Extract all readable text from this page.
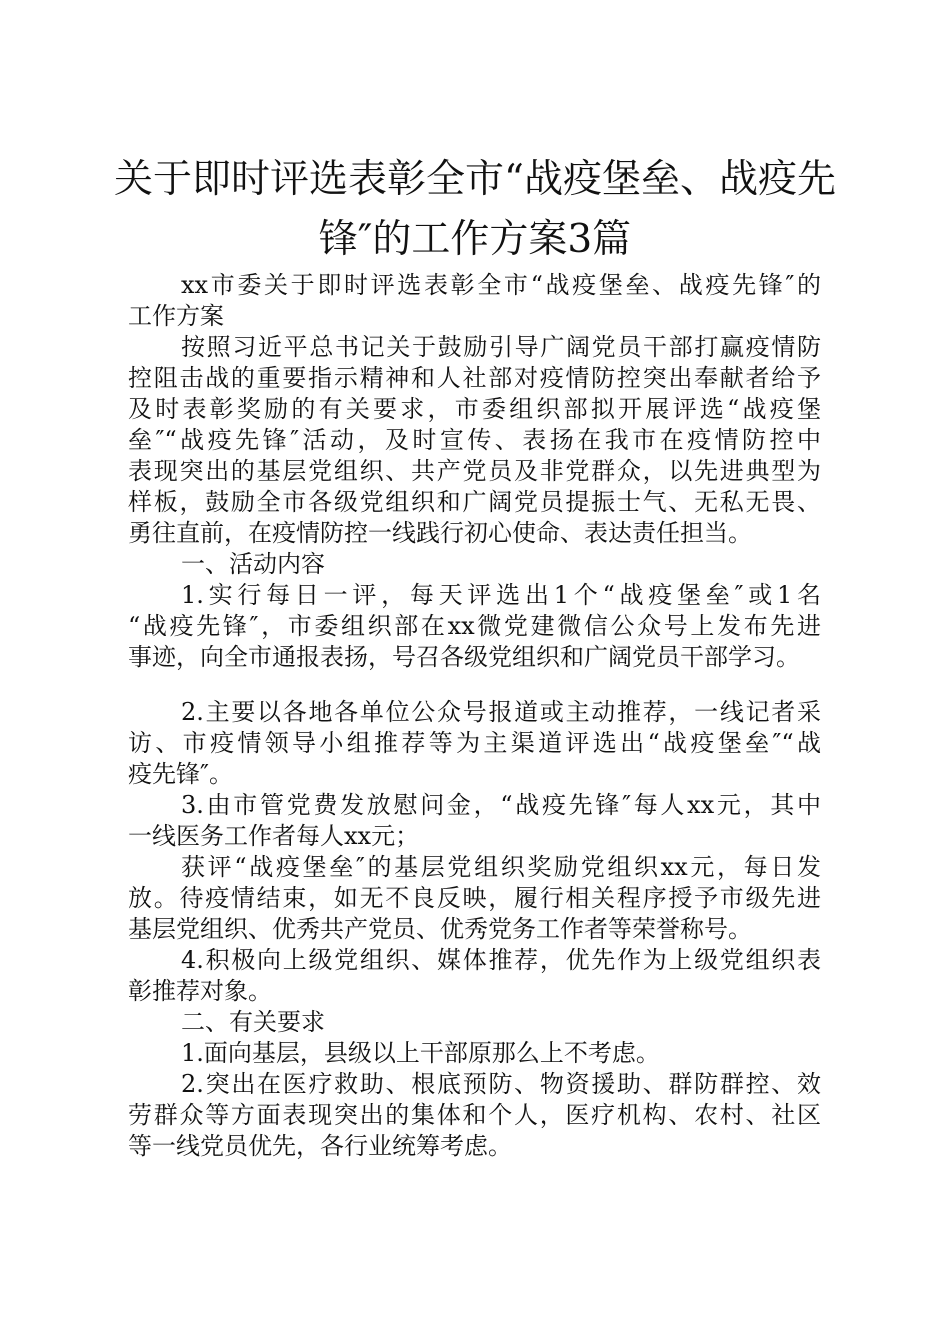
关于即时评选表彰全市“战疫堡垒、战疫先
锋″的工作方案3篇
xx市委关于即时评选表彰全市“战疫堡垒、战疫先锋″的
工作方案
按照习近平总书记关于鼓励引导广阔党员干部打赢疫情防
控阻击战的重要指示精神和人社部对疫情防控突出奉献者给予
及时表彰奖励的有关要求，市委组织部拟开展评选“战疫堡
垒″“战疫先锋″活动，及时宣传、表扬在我市在疫情防控中
表现突出的基层党组织、共产党员及非党群众，以先进典型为
样板，鼓励全市各级党组织和广阔党员提振士气、无私无畏、
勇往直前，在疫情防控一线践行初心使命、表达责任担当。
一、活动内容
1.实行每日一评，每天评选出1个“战疫堡垒″或1名
“战疫先锋″，市委组织部在xx微党建微信公众号上发布先进
事迹，向全市通报表扬，号召各级党组织和广阔党员干部学习。
2.主要以各地各单位公众号报道或主动推荐，一线记者采
访、市疫情领导小组推荐等为主渠道评选出“战疫堡垒″“战
疫先锋″。
3.由市管党费发放慰问金，“战疫先锋″每人xx元，其中
一线医务工作者每人xx元；
获评“战疫堡垒″的基层党组织奖励党组织xx元，每日发
放。待疫情结束，如无不良反映，履行相关程序授予市级先进
基层党组织、优秀共产党员、优秀党务工作者等荣誉称号。
4.积极向上级党组织、媒体推荐，优先作为上级党组织表
彰推荐对象。
二、有关要求
1.面向基层，县级以上干部原那么上不考虑。
2.突出在医疗救助、根底预防、物资援助、群防群控、效
劳群众等方面表现突出的集体和个人，医疗机构、农村、社区
等一线党员优先，各行业统筹考虑。
